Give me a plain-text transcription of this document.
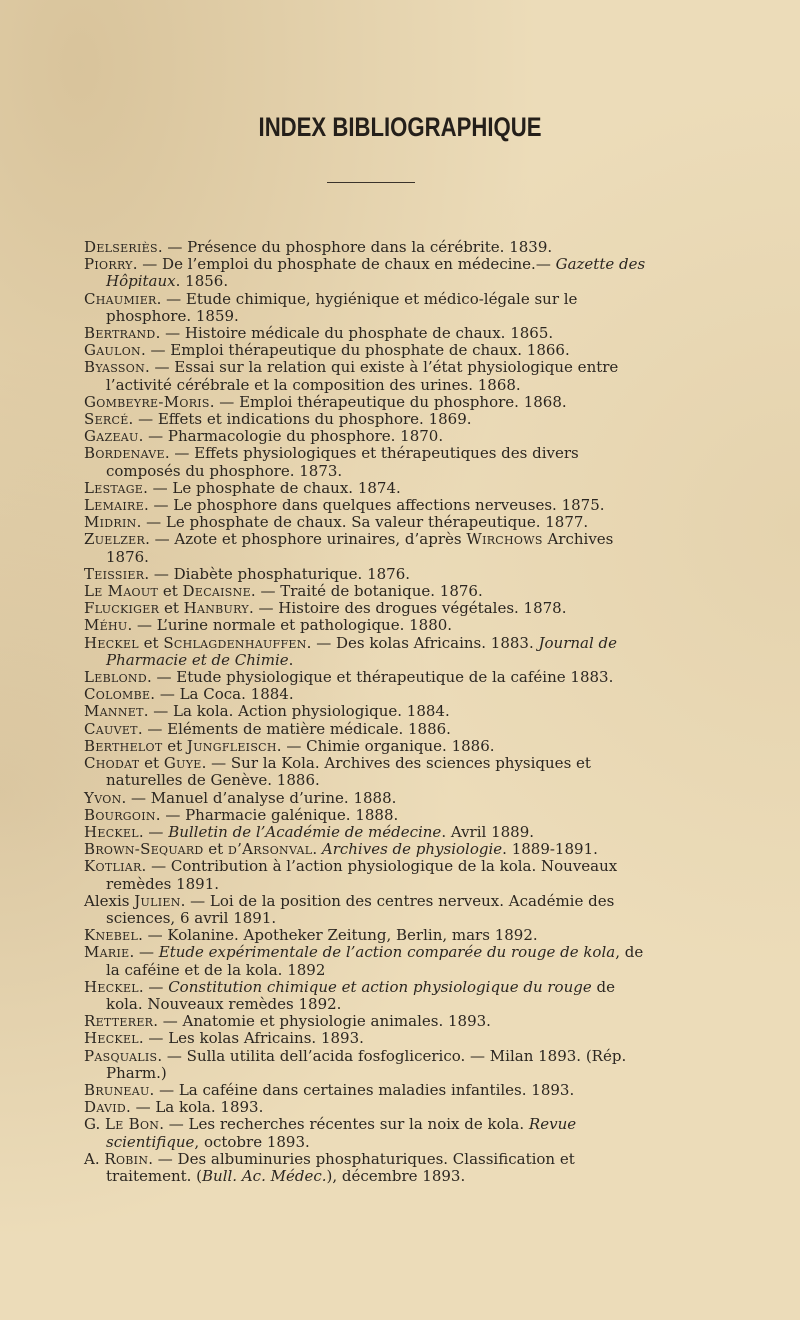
INDEX BIBLIOGRAPHIQUE

Delseriès. — Présence du phosphore dans la cérébrite. 1839.

Piorry. — De l’emploi du phosphate de chaux en médecine.— Gazette des Hôpitaux. 1856.

Chaumier. — Etude chimique, hygiénique et médico-légale sur le phosphore. 1859.

Bertrand. — Histoire médicale du phosphate de chaux. 1865.

Gaulon. — Emploi thérapeutique du phosphate de chaux. 1866.

Byasson. — Essai sur la relation qui existe à l’état physiologique entre l’activité cérébrale et la composition des urines. 1868.

Gombeyre-Moris. — Emploi thérapeutique du phosphore. 1868.

Sercé. — Effets et indications du phosphore. 1869.

Gazeau. — Pharmacologie du phosphore. 1870.

Bordenave. — Effets physiologiques et thérapeutiques des divers composés du phosphore. 1873.

Lestage. — Le phosphate de chaux. 1874.

Lemaire. — Le phosphore dans quelques affections nerveuses. 1875.

Midrin. — Le phosphate de chaux. Sa valeur thérapeutique. 1877.

Zuelzer. — Azote et phosphore urinaires, d’après Wirchows Archives 1876.

Teissier. — Diabète phosphaturique. 1876.

Le Maout et Decaisne. — Traité de botanique. 1876.

Fluckiger et Hanbury. — Histoire des drogues végétales. 1878.

Méhu. — L’urine normale et pathologique. 1880.

Heckel et Schlagdenhauffen. — Des kolas Africains. 1883. Journal de Pharmacie et de Chimie.

Leblond. — Etude physiologique et thérapeutique de la caféine 1883.

Colombe. — La Coca. 1884.

Mannet. — La kola. Action physiologique. 1884.

Cauvet. — Eléments de matière médicale. 1886.

Berthelot et Jungfleisch. — Chimie organique. 1886.

Chodat et Guye. — Sur la Kola. Archives des sciences physiques et naturelles de Genève. 1886.

Yvon. — Manuel d’analyse d’urine. 1888.

Bourgoin. — Pharmacie galénique. 1888.

Heckel. — Bulletin de l’Académie de médecine. Avril 1889.

Brown-Sequard et d’Arsonval. Archives de physiologie. 1889-1891.

Kotliar. — Contribution à l’action physiologique de la kola. Nouveaux remèdes 1891.

Alexis Julien. — Loi de la position des centres nerveux. Académie des sciences, 6 avril 1891.

Knebel. — Kolanine. Apotheker Zeitung, Berlin, mars 1892.

Marie. — Etude expérimentale de l’action comparée du rouge de kola, de la caféine et de la kola. 1892

Heckel. — Constitution chimique et action physiologique du rouge de kola. Nouveaux remèdes 1892.

Retterer. — Anatomie et physiologie animales. 1893.

Heckel. — Les kolas Africains. 1893.

Pasqualis. — Sulla utilita dell’acida fosfoglicerico. — Milan 1893. (Rép. Pharm.)

Bruneau. — La caféine dans certaines maladies infantiles. 1893.

David. — La kola. 1893.

G. Le Bon. — Les recherches récentes sur la noix de kola. Revue scientifique, octobre 1893.

A. Robin. — Des albuminuries phosphaturiques. Classification et traitement. (Bull. Ac. Médec.), décembre 1893.
